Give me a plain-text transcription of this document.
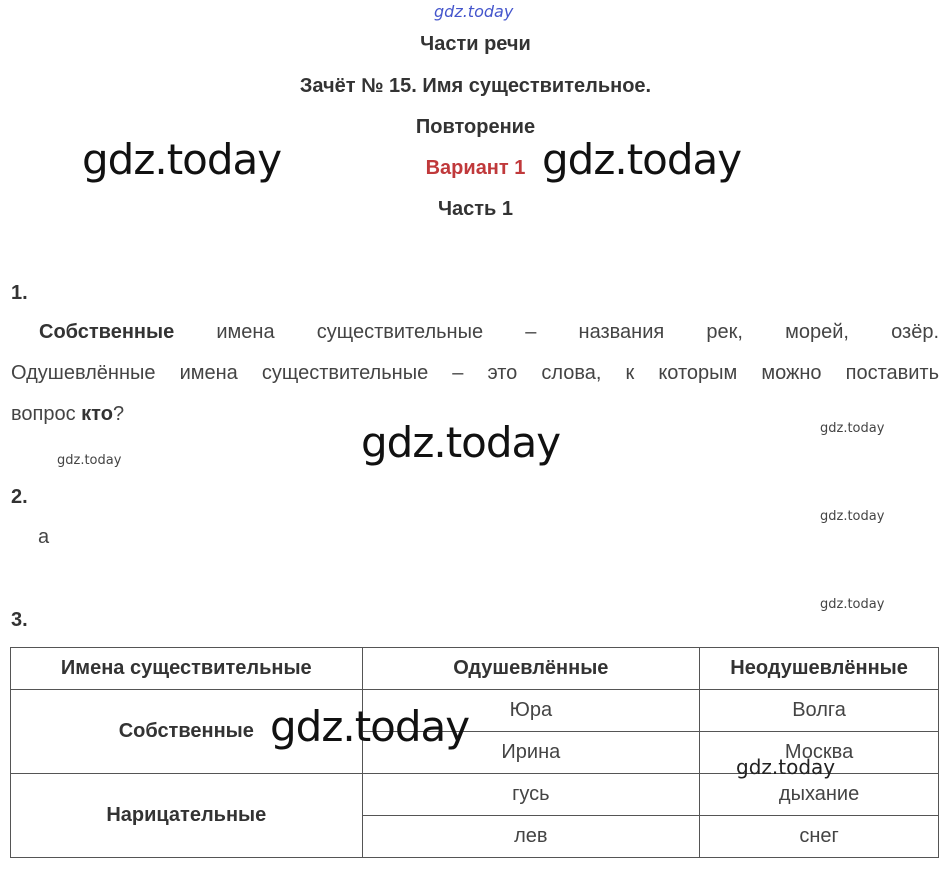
gdz.today
Части речи
Зачёт № 15. Имя существительное.
Повторение
Вариант 1
Часть 1
gdz.today	gdz.today
gdz.today
gdz.today
gdz.today
gdz.today
gdz.today
gdz.today
gdz.today
1.
Собственные имена существительные – названия рек, морей, озёр.
Одушевлённые имена существительные – это слова, к которым можно поставить
вопрос кто?
2.
а
3.
Имена существительные	Одушевлённые	Неодушевлённые
Собственные	Юра	Волга
	Ирина	Москва
Нарицательные	гусь	дыхание
	лев	снег
